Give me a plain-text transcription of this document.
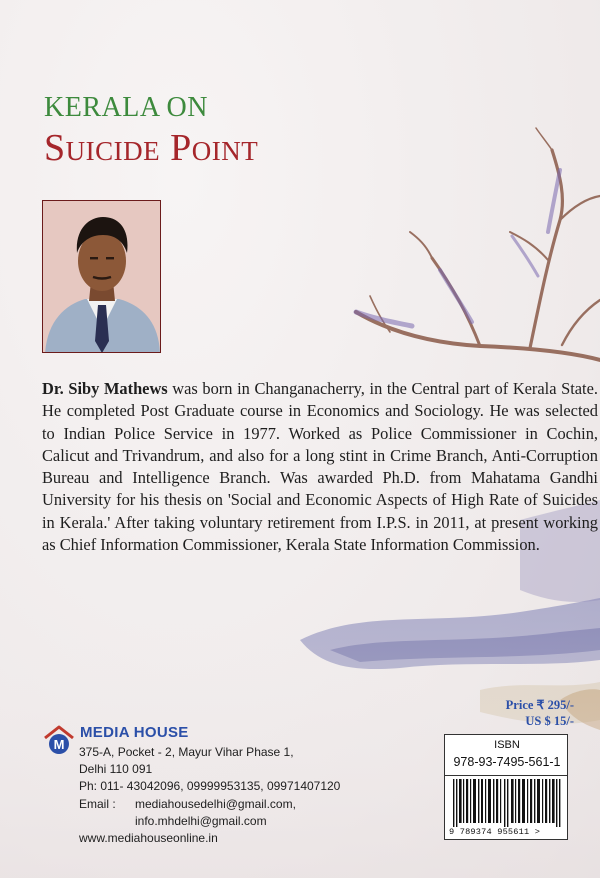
KERALA ON
Suicide Point
Dr. Siby Mathews was born in Changanacherry, in the Central part of Kerala State. He completed Post Graduate course in Economics and Sociology. He was selected to Indian Police Service in 1977. Worked as Police Commissioner in Cochin, Calicut and Trivandrum, and also for a long stint in Crime Branch, Anti-Corruption Bureau and Intelligence Branch. Was awarded Ph.D. from Mahatama Gandhi University for his thesis on 'Social and Economic Aspects of High Rate of Suicides in Kerala.' After taking voluntary retirement from I.P.S. in 2011, at present working as Chief Information Commissioner, Kerala State Information Commission.
Price ₹ 295/-
US $ 15/-
ISBN
978-93-7495-561-1
9 789374 955611 >
M
MEDIA HOUSE
375-A, Pocket - 2, Mayur Vihar Phase 1,
Delhi 110 091
Ph: 011- 43042096, 09999953135, 09971407120
Email :	mediahousedelhi@gmail.com,
info.mhdelhi@gmail.com
www.mediahouseonline.in
